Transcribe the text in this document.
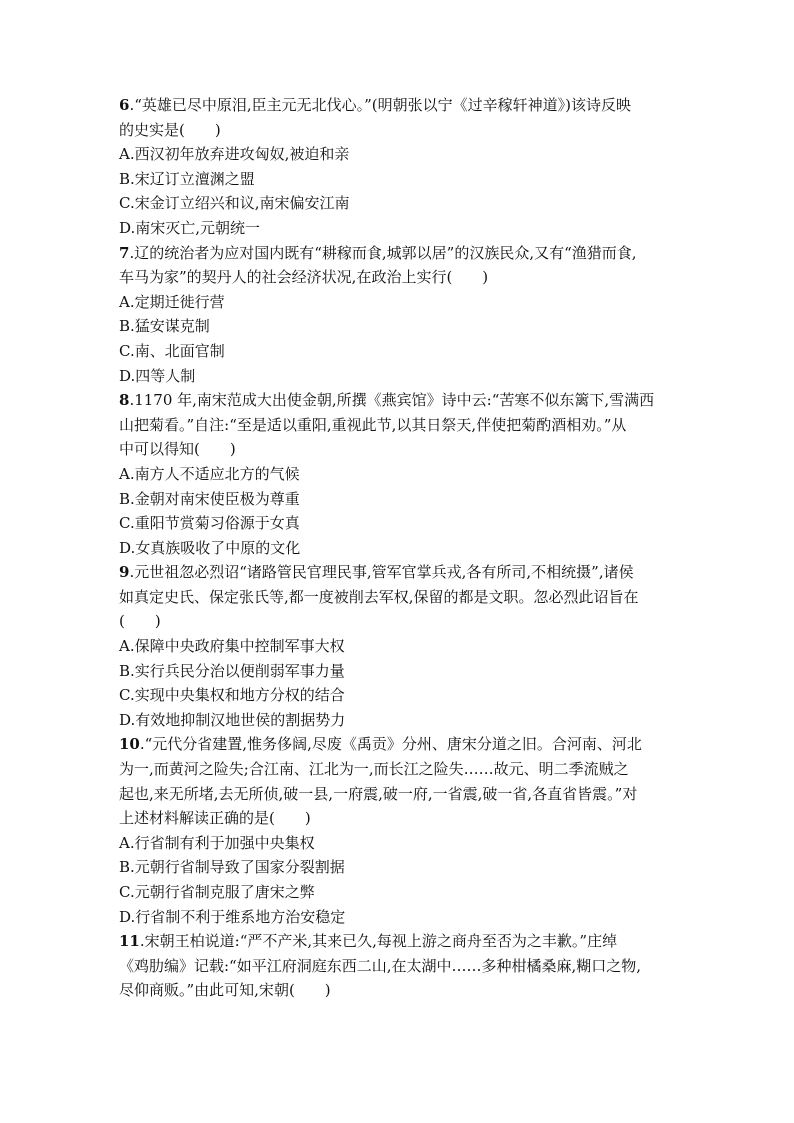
6.“英雄已尽中原泪,臣主元无北伐心。”(明朝张以宁《过辛稼轩神道》)该诗反映
的史实是(　　)
A.西汉初年放弃进攻匈奴,被迫和亲
B.宋辽订立澶渊之盟
C.宋金订立绍兴和议,南宋偏安江南
D.南宋灭亡,元朝统一
7.辽的统治者为应对国内既有“耕稼而食,城郭以居”的汉族民众,又有“渔猎而食,
车马为家”的契丹人的社会经济状况,在政治上实行(　　)
A.定期迁徙行营
B.猛安谋克制
C.南、北面官制
D.四等人制
8.1170 年,南宋范成大出使金朝,所撰《燕宾馆》诗中云:“苦寒不似东篱下,雪满西
山把菊看。”自注:“至是适以重阳,重视此节,以其日祭天,伴使把菊酌酒相劝。”从
中可以得知(　　)
A.南方人不适应北方的气候
B.金朝对南宋使臣极为尊重
C.重阳节赏菊习俗源于女真
D.女真族吸收了中原的文化
9.元世祖忽必烈诏“诸路管民官理民事,管军官掌兵戎,各有所司,不相统摄”,诸侯
如真定史氏、保定张氏等,都一度被削去军权,保留的都是文职。忽必烈此诏旨在
(　　)
A.保障中央政府集中控制军事大权
B.实行兵民分治以便削弱军事力量
C.实现中央集权和地方分权的结合
D.有效地抑制汉地世侯的割据势力
10.“元代分省建置,惟务侈阔,尽废《禹贡》分州、唐宋分道之旧。合河南、河北
为一,而黄河之险失;合江南、江北为一,而长江之险失……故元、明二季流贼之
起也,来无所堵,去无所侦,破一县,一府震,破一府,一省震,破一省,各直省皆震。”对
上述材料解读正确的是(　　)
A.行省制有利于加强中央集权
B.元朝行省制导致了国家分裂割据
C.元朝行省制克服了唐宋之弊
D.行省制不利于维系地方治安稳定
11.宋朝王柏说道:“严不产米,其来已久,每视上游之商舟至否为之丰歉。”庄绰
《鸡肋编》记载:“如平江府洞庭东西二山,在太湖中……多种柑橘桑麻,糊口之物,
尽仰商贩。”由此可知,宋朝(　　)
